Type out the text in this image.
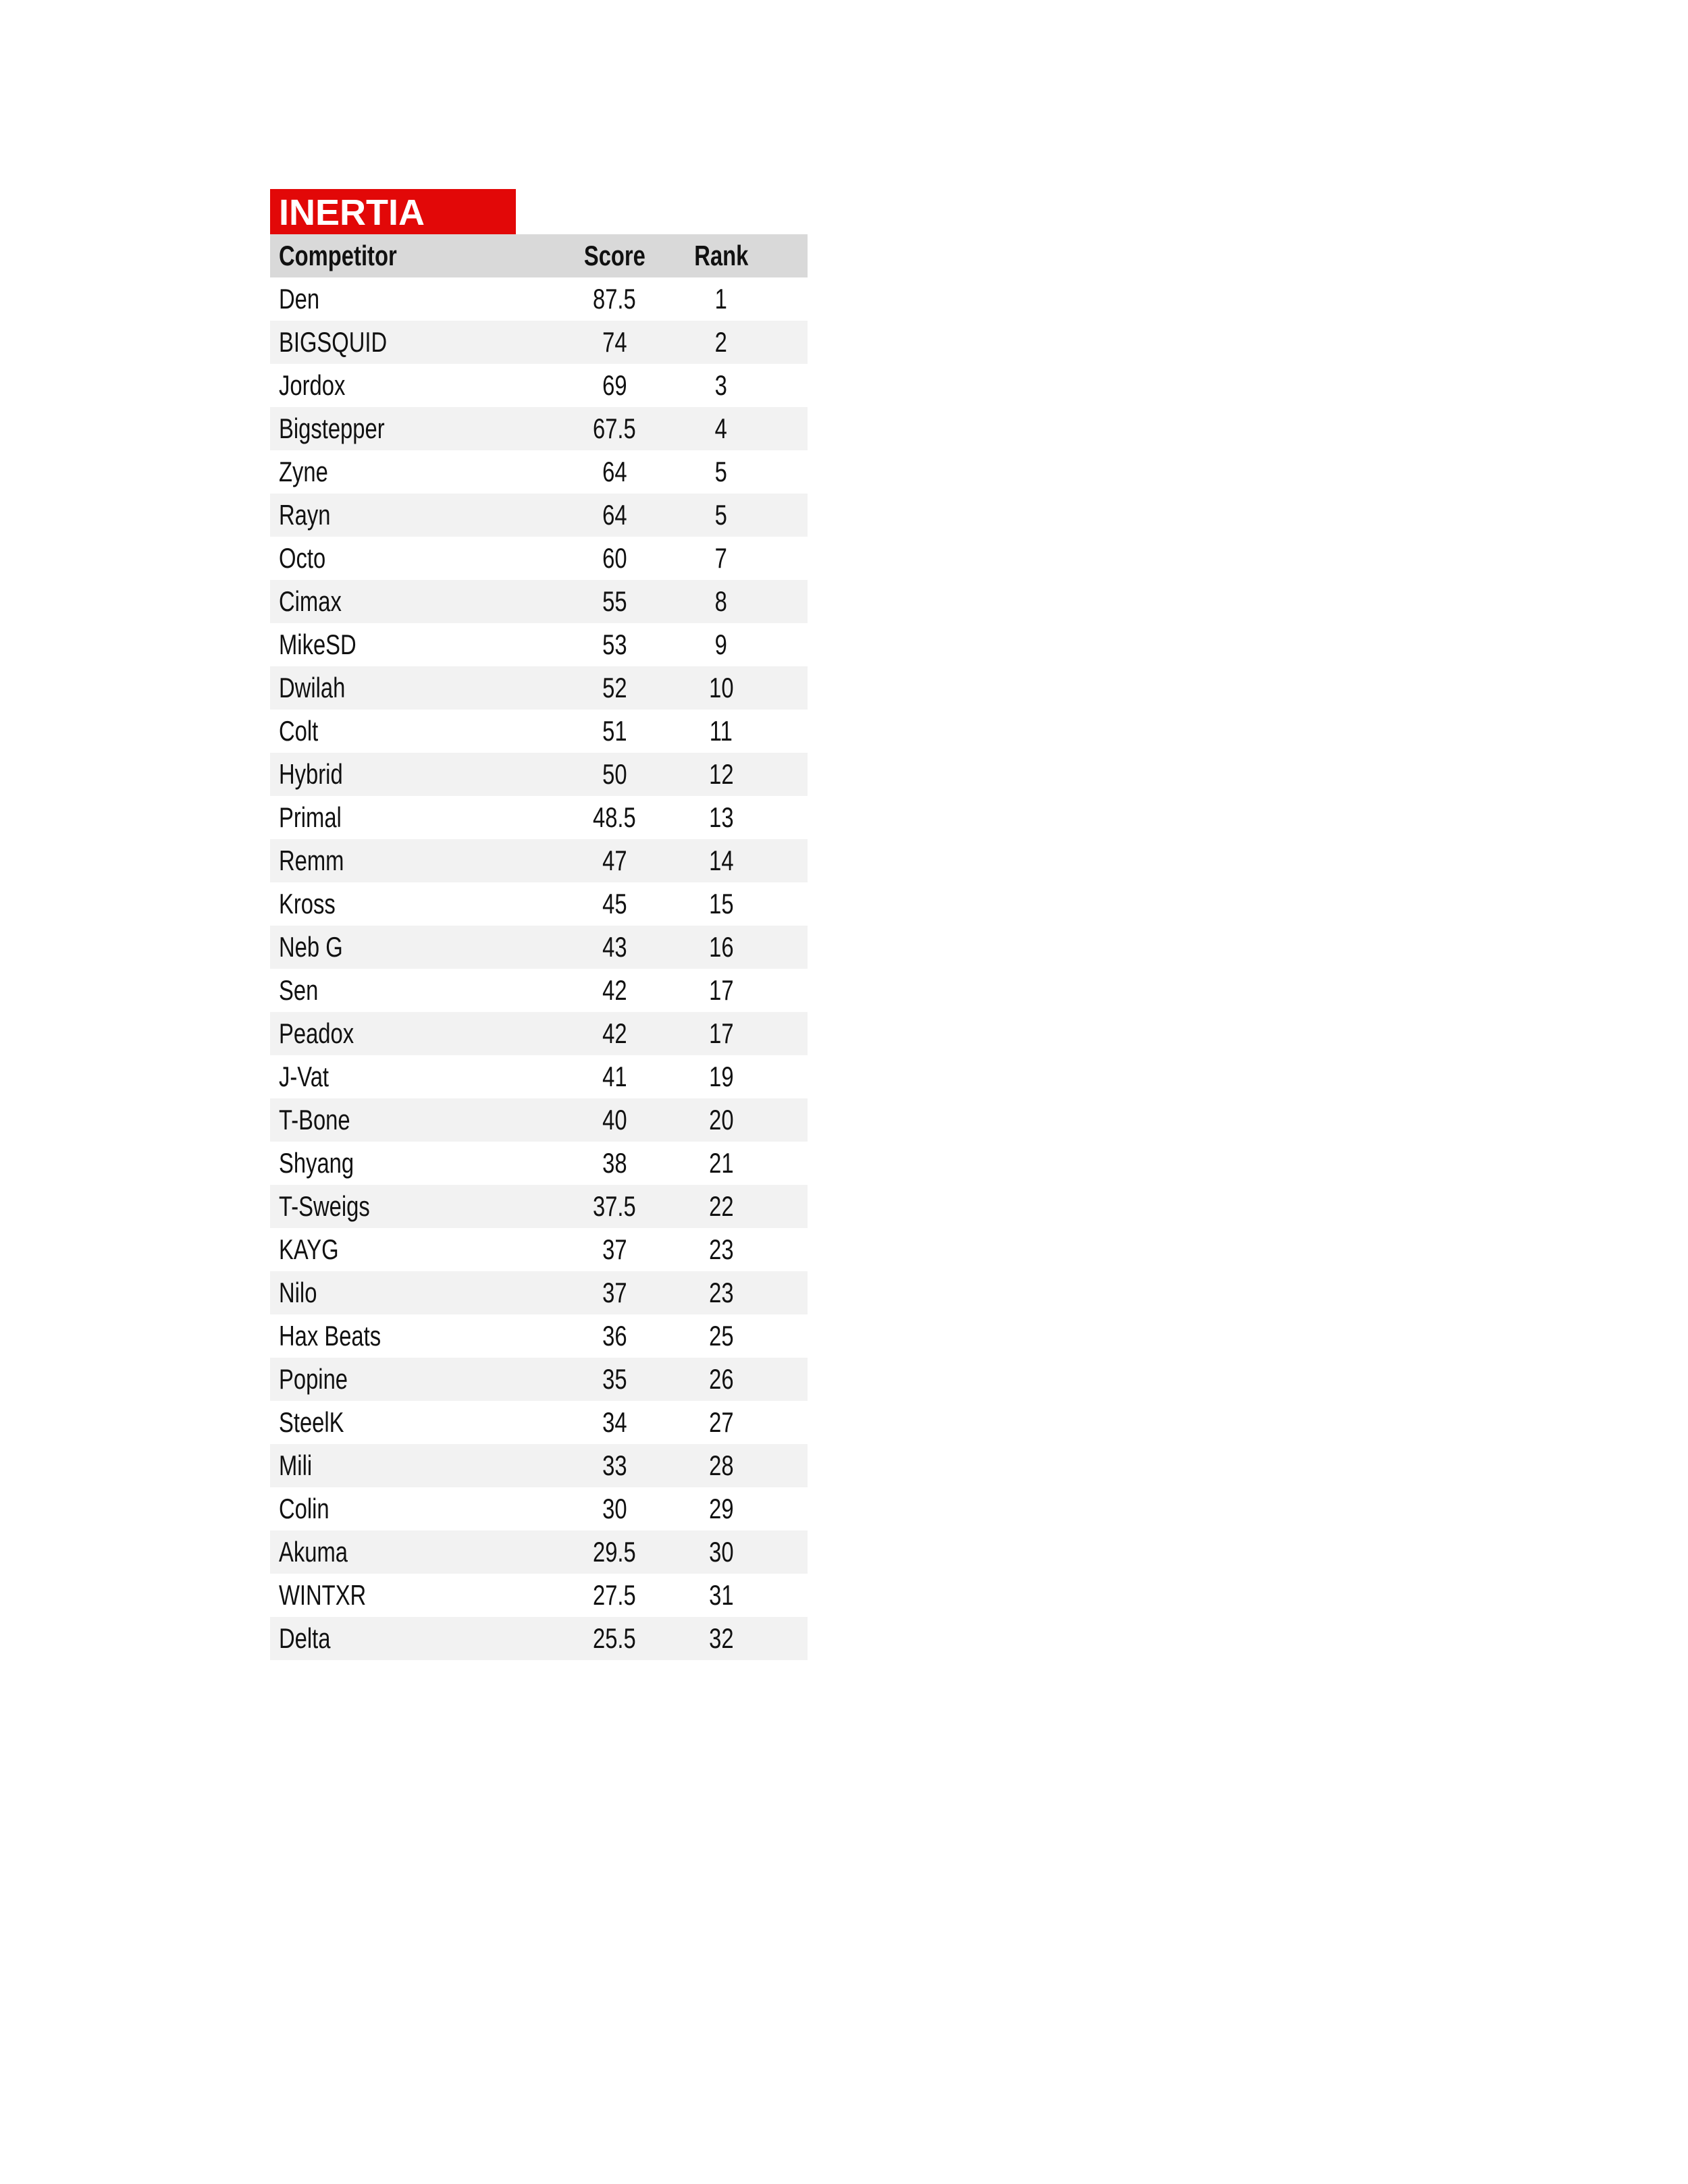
INERTIA
Competitor	Score	Rank
Den	87.5	1
BIGSQUID	74	2
Jordox	69	3
Bigstepper	67.5	4
Zyne	64	5
Rayn	64	5
Octo	60	7
Cimax	55	8
MikeSD	53	9
Dwilah	52	10
Colt	51	11
Hybrid	50	12
Primal	48.5	13
Remm	47	14
Kross	45	15
Neb G	43	16
Sen	42	17
Peadox	42	17
J-Vat	41	19
T-Bone	40	20
Shyang	38	21
T-Sweigs	37.5	22
KAYG	37	23
Nilo	37	23
Hax Beats	36	25
Popine	35	26
SteelK	34	27
Mili	33	28
Colin	30	29
Akuma	29.5	30
WINTXR	27.5	31
Delta	25.5	32
